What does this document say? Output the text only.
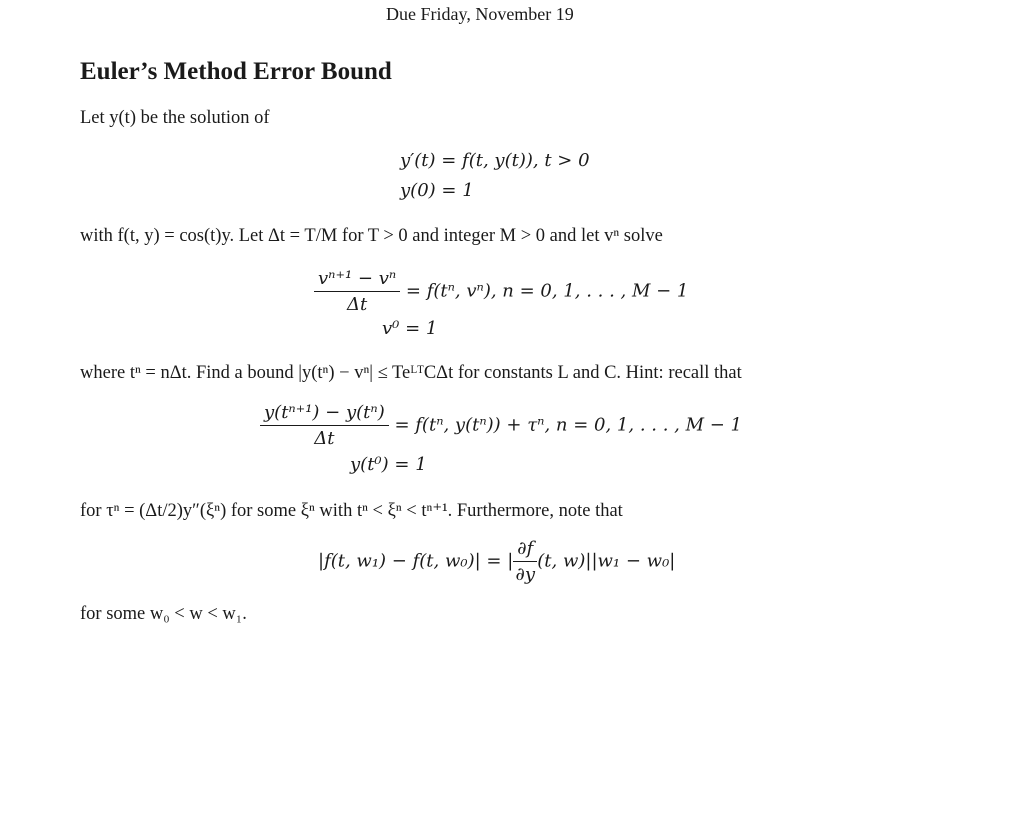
Due Friday, November 19
Euler’s Method Error Bound
Let y(t) be the solution of
y′(t) = f(t, y(t)), t > 0
y(0) = 1
with f(t, y) = cos(t)y. Let Δt = T/M for T > 0 and integer M > 0 and let vⁿ solve
$\frac{\text{vⁿ⁺¹ − vⁿ}}{\Delta t} = f(t^n$, vⁿ), n = 0, 1, . . . , M − 1
v⁰ = 1
where tⁿ = nΔt. Find a bound |y(tⁿ) − vⁿ| ≤ TeᴸᵀCΔt for constants L and C. Hint: recall that
$\frac{\text{y(tⁿ⁺¹) − y(tⁿ)}}{\Delta t} = f(t^n$, y(tⁿ)) + τⁿ, n = 0, 1, . . . , M − 1
y(t⁰) = 1
for τⁿ = (Δt/2)y″(ξⁿ) for some ξⁿ with tⁿ < ξⁿ < tⁿ⁺¹. Furthermore, note that
|f(t, w₁) − f(t, w₀)| = | $\frac{\partial f}{\partial y} (t$, w)||w₁ − w₀|
for some w₀ < w < w₁.
